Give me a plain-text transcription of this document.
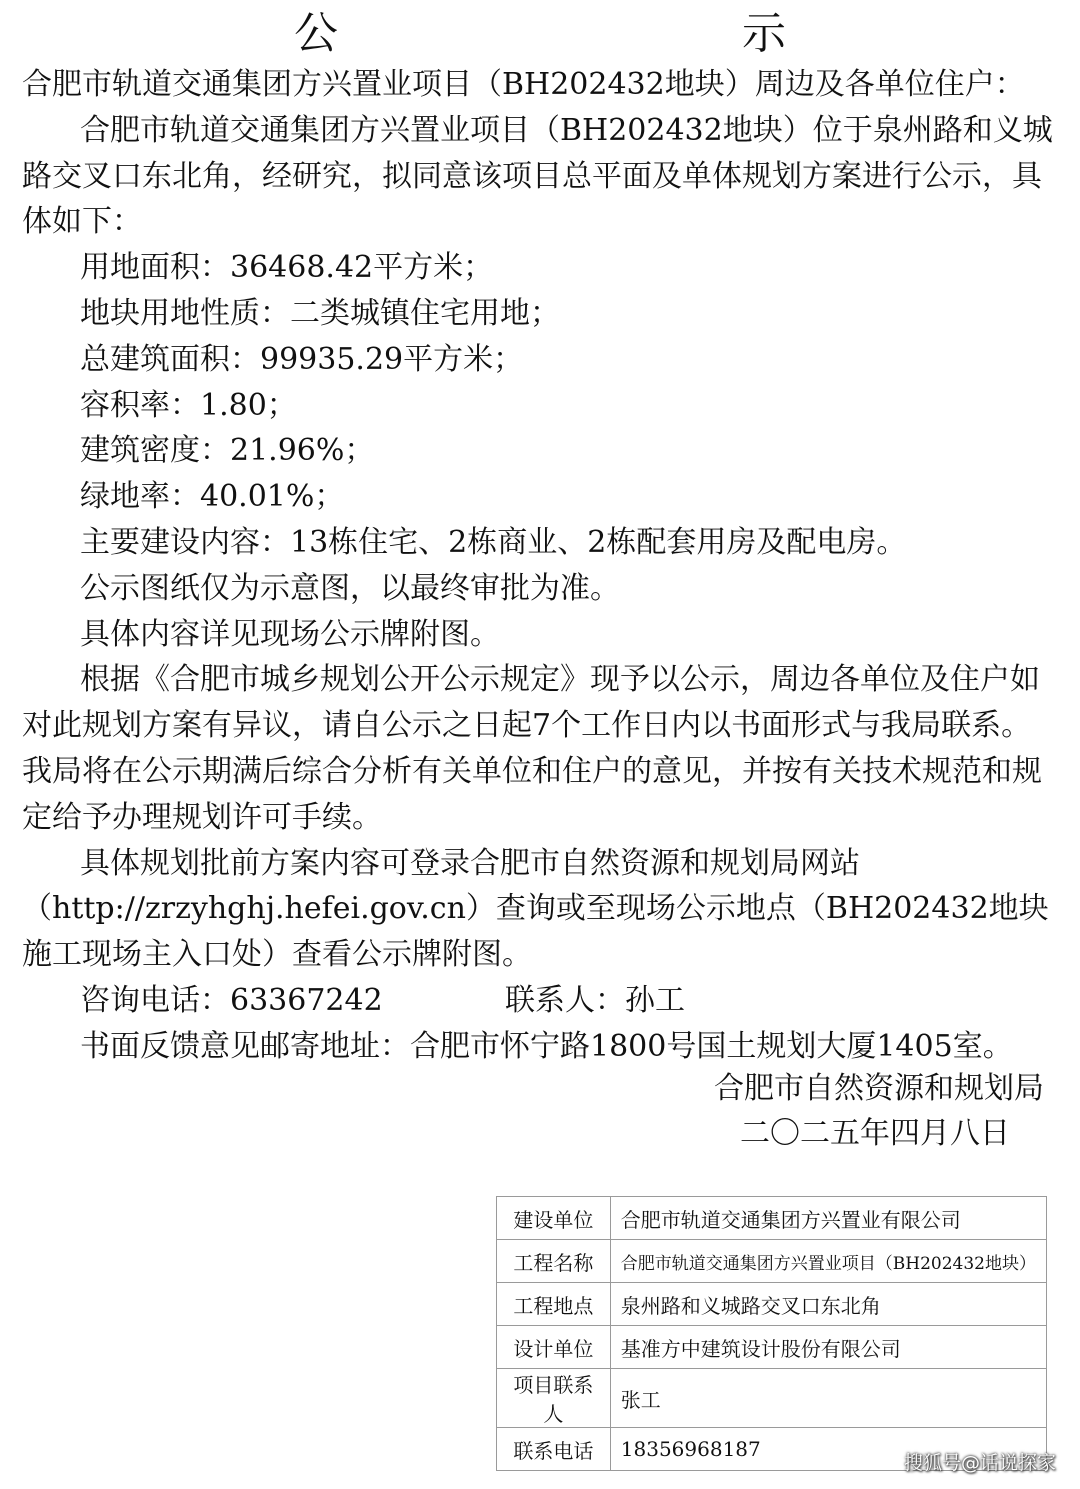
公　示

合肥市轨道交通集团方兴置业项目（BH202432地块）周边及各单位住户：

合肥市轨道交通集团方兴置业项目（BH202432地块）位于泉州路和义城路交叉口东北角，经研究，拟同意该项目总平面及单体规划方案进行公示，具体如下：

用地面积：36468.42平方米；
地块用地性质：二类城镇住宅用地；
总建筑面积：99935.29平方米；
容积率：1.80；
建筑密度：21.96%；
绿地率：40.01%；
主要建设内容：13栋住宅、2栋商业、2栋配套用房及配电房。
公示图纸仅为示意图，以最终审批为准。
具体内容详见现场公示牌附图。

根据《合肥市城乡规划公开公示规定》现予以公示，周边各单位及住户如对此规划方案有异议，请自公示之日起7个工作日内以书面形式与我局联系。我局将在公示期满后综合分析有关单位和住户的意见，并按有关技术规范和规定给予办理规划许可手续。

具体规划批前方案内容可登录合肥市自然资源和规划局网站（http://zrzyhghj.hefei.gov.cn）查询或至现场公示地点（BH202432地块施工现场主入口处）查看公示牌附图。

咨询电话：63367242	联系人：孙工
书面反馈意见邮寄地址：合肥市怀宁路1800号国土规划大厦1405室。
合肥市自然资源和规划局
二〇二五年四月八日
建设单位	合肥市轨道交通集团方兴置业有限公司
工程名称	合肥市轨道交通集团方兴置业项目（BH202432地块）
工程地点	泉州路和义城路交叉口东北角
设计单位	基准方中建筑设计股份有限公司
项目联系人	张工
联系电话	18356968187
搜狐号@话说探家
